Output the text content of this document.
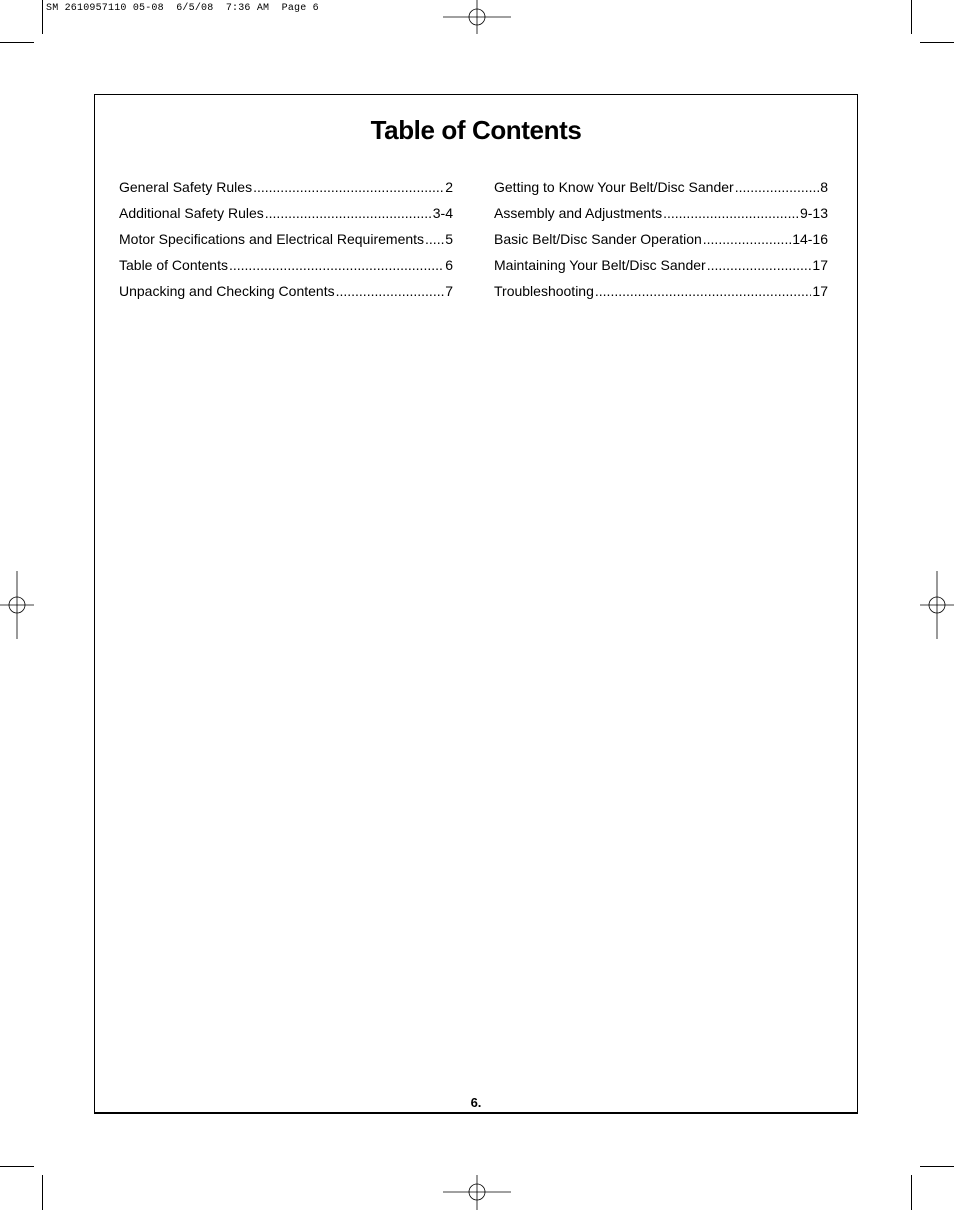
SM 2610957110 05-08  6/5/08  7:36 AM  Page 6
Table of Contents
General Safety Rules .....	2
Additional Safety Rules .....	3-4
Motor Specifications and Electrical Requirements ..... 5
Table of Contents .....	6
Unpacking and Checking Contents .....	7
Getting to Know Your Belt/Disc Sander .....	8
Assembly and Adjustments .....	9-13
Basic Belt/Disc Sander Operation .....	14-16
Maintaining Your Belt/Disc Sander .....	17
Troubleshooting .....	17
6.
